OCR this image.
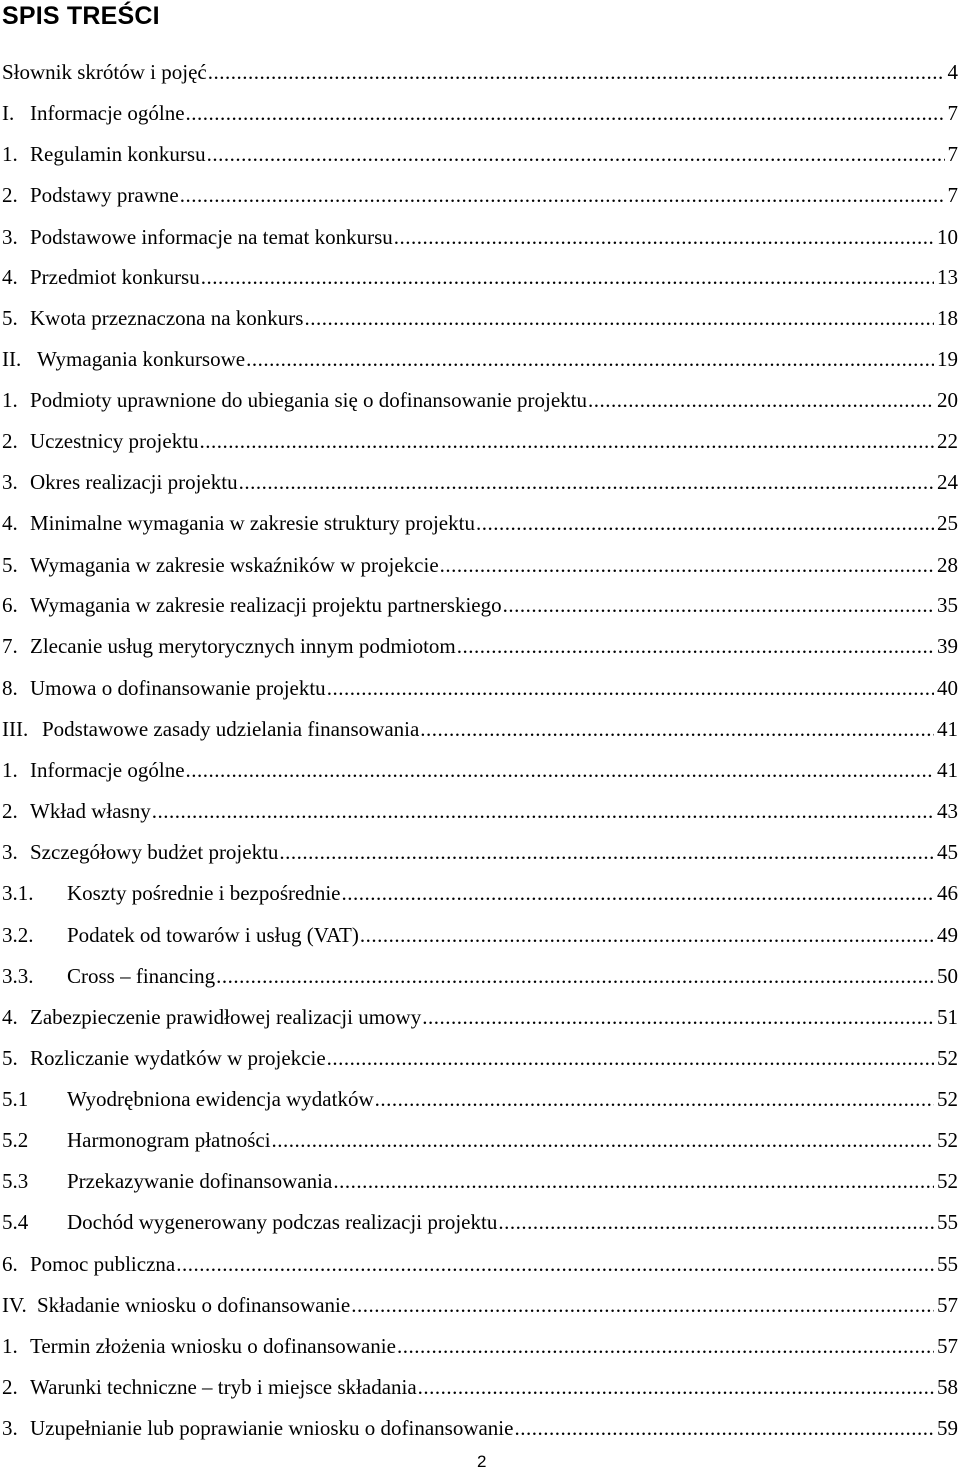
SPIS TREŚCI
Słownik skrótów i pojęć .....	4
I. Informacje ogólne .....	7
1. Regulamin konkursu .....	7
2. Podstawy prawne .....	7
3. Podstawowe informacje na temat konkursu .....	10
4. Przedmiot konkursu .....	13
5. Kwota przeznaczona na konkurs .....	18
II. Wymagania konkursowe .....	19
1. Podmioty uprawnione do ubiegania się o dofinansowanie projektu .....	20
2. Uczestnicy projektu .....	22
3. Okres realizacji projektu .....	24
4. Minimalne wymagania w zakresie struktury projektu .....	25
5. Wymagania w zakresie wskaźników w projekcie .....	28
6. Wymagania w zakresie realizacji projektu partnerskiego .....	35
7. Zlecanie usług merytorycznych innym podmiotom .....	39
8. Umowa o dofinansowanie projektu .....	40
III. Podstawowe zasady udzielania finansowania .....	41
1. Informacje ogólne .....	41
2. Wkład własny .....	43
3. Szczegółowy budżet projektu .....	45
3.1. Koszty pośrednie i bezpośrednie .....	46
3.2. Podatek od towarów i usług (VAT) .....	49
3.3. Cross – financing .....	50
4. Zabezpieczenie prawidłowej realizacji umowy .....	51
5. Rozliczanie wydatków w projekcie .....	52
5.1 Wyodrębniona ewidencja wydatków .....	52
5.2 Harmonogram płatności .....	52
5.3 Przekazywanie dofinansowania .....	52
5.4 Dochód wygenerowany podczas realizacji projektu .....	55
6. Pomoc publiczna .....	55
IV. Składanie wniosku o dofinansowanie .....	57
1. Termin złożenia wniosku o dofinansowanie .....	57
2. Warunki techniczne – tryb i miejsce składania .....	58
3. Uzupełnianie lub poprawianie wniosku o dofinansowanie .....	59
2
